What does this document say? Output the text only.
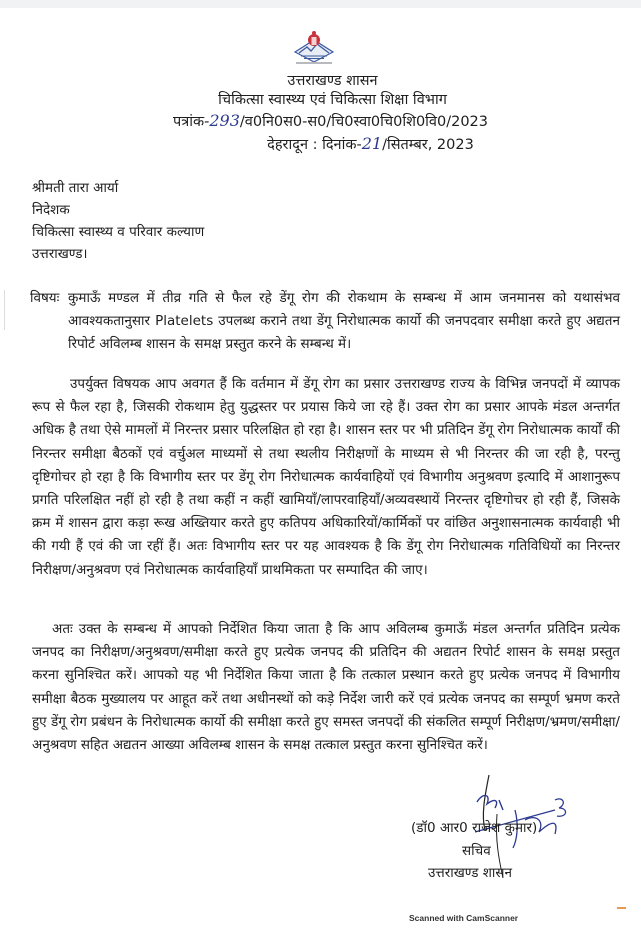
उत्तराखण्ड शासन
चिकित्सा स्वास्थ्य एवं चिकित्सा शिक्षा विभाग
पत्रांक-293/व0नि0स0-स0/चि0स्वा0चि0शि0वि0/2023
देहरादून : दिनांक-21/सितम्बर, 2023
श्रीमती तारा आर्या
निदेशक
चिकित्सा स्वास्थ्य व परिवार कल्याण
उत्तराखण्ड।
विषयः कुमाऊँ मण्डल में तीव्र गति से फैल रहे डेंगू रोग की रोकथाम के सम्बन्ध में आम जनमानस को यथासंभव आवश्यकतानुसार Platelets उपलब्ध कराने तथा डेंगू निरोधात्मक कार्यो की जनपदवार समीक्षा करते हुए अद्यतन रिपोर्ट अविलम्ब शासन के समक्ष प्रस्तुत करने के सम्बन्ध में।
उपर्युक्त विषयक आप अवगत हैं कि वर्तमान में डेंगू रोग का प्रसार उत्तराखण्ड राज्य के विभिन्न जनपदों में व्यापक रूप से फैल रहा है, जिसकी रोकथाम हेतु युद्धस्तर पर प्रयास किये जा रहे हैं। उक्त रोग का प्रसार आपके मंडल अन्तर्गत अधिक है तथा ऐसे मामलों में निरन्तर प्रसार परिलक्षित हो रहा है। शासन स्तर पर भी प्रतिदिन डेंगू रोग निरोधात्मक कार्यों की निरन्तर समीक्षा बैठकों एवं वर्चुअल माध्यमों से तथा स्थलीय निरीक्षणों के माध्यम से भी निरन्तर की जा रही है, परन्तु दृष्टिगोचर हो रहा है कि विभागीय स्तर पर डेंगू रोग निरोधात्मक कार्यवाहियों एवं विभागीय अनुश्रवण इत्यादि में आशानुरूप प्रगति परिलक्षित नहीं हो रही है तथा कहीं न कहीं खामियाँ/लापरवाहियाँ/अव्यवस्थायें निरन्तर दृष्टिगोचर हो रही हैं, जिसके क्रम में शासन द्वारा कड़ा रूख अख्तियार करते हुए कतिपय अधिकारियों/कार्मिकों पर वांछित अनुशासनात्मक कार्यवाही भी की गयी हैं एवं की जा रहीं हैं। अतः विभागीय स्तर पर यह आवश्यक है कि डेंगू रोग निरोधात्मक गतिविधियों का निरन्तर निरीक्षण/अनुश्रवण एवं निरोधात्मक कार्यवाहियाँ प्राथमिकता पर सम्पादित की जाए।
अतः उक्त के सम्बन्ध में आपको निर्देशित किया जाता है कि आप अविलम्ब कुमाऊँ मंडल अन्तर्गत प्रतिदिन प्रत्येक जनपद का निरीक्षण/अनुश्रवण/समीक्षा करते हुए प्रत्येक जनपद की प्रतिदिन की अद्यतन रिपोर्ट शासन के समक्ष प्रस्तुत करना सुनिश्चित करें। आपको यह भी निर्देशित किया जाता है कि तत्काल प्रस्थान करते हुए प्रत्येक जनपद में विभागीय समीक्षा बैठक मुख्यालय पर आहूत करें तथा अधीनस्थों को कड़े निर्देश जारी करें एवं प्रत्येक जनपद का सम्पूर्ण भ्रमण करते हुए डेंगू रोग प्रबंधन के निरोधात्मक कार्यो की समीक्षा करते हुए समस्त जनपदों की संकलित सम्पूर्ण निरीक्षण/भ्रमण/समीक्षा/अनुश्रवण सहित अद्यतन आख्या अविलम्ब शासन के समक्ष तत्काल प्रस्तुत करना सुनिश्चित करें।
(डॉ0 आर0 राजेश कुमार)
सचिव
उत्तराखण्ड शासन
Scanned with CamScanner
